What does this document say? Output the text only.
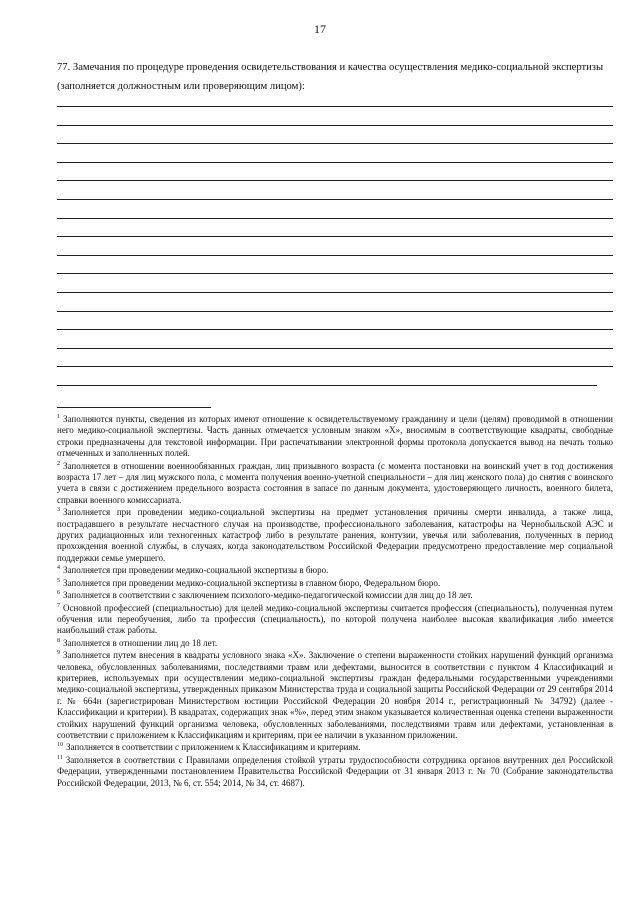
17
77. Замечания по процедуре проведения освидетельствования и качества осуществления медико-социальной экспертизы
(заполняется должностным или проверяющим лицом):
$^1$ Заполняются пункты, сведения из которых имеют отношение к освидетельствуемому гражданину и цели (целям) проводимой в отношении него медико-социальной экспертизы. Часть данных отмечается условным знаком «X», вносимым в соответствующие квадраты, свободные строки предназначены для текстовой информации. При распечатывании электронной формы протокола допускается вывод на печать только отмеченных и заполненных полей.
$^2$ Заполняется в отношении военнообязанных граждан, лиц призывного возраста (с момента постановки на воинский учет в год достижения возраста 17 лет – для лиц мужского пола, с момента получения военно-учетной специальности – для лиц женского пола) до снятия с воинского учета в связи с достижением предельного возраста состояния в запасе по данным документа, удостоверяющего личность, военного билета, справки военного комиссариата.
$^3$ Заполняется при проведении медико-социальной экспертизы на предмет установления причины смерти инвалида, а также лица, пострадавшего в результате несчастного случая на производстве, профессионального заболевания, катастрофы на Чернобыльской АЭС и других радиационных или техногенных катастроф либо в результате ранения, контузии, увечья или заболевания, полученных в период прохождения военной службы, в случаях, когда законодательством Российской Федерации предусмотрено предоставление мер социальной поддержки семье умершего.
$^4$ Заполняется при проведении медико-социальной экспертизы в бюро.
$^5$ Заполняется при проведении медико-социальной экспертизы в главном бюро, Федеральном бюро.
$^6$ Заполняется в соответствии с заключением психолого-медико-педагогической комиссии для лиц до 18 лет.
$^7$ Основной профессией (специальностью) для целей медико-социальной экспертизы считается профессия (специальность), полученная путем обучения или переобучения, либо та профессия (специальность), по которой получена наиболее высокая квалификация либо имеется наибольший стаж работы.
$^8$ Заполняется в отношении лиц до 18 лет.
$^9$ Заполняется путем внесения в квадраты условного знака «X». Заключение о степени выраженности стойких нарушений функций организма человека, обусловленных заболеваниями, последствиями травм или дефектами, выносится в соответствии с пунктом 4 Классификаций и критериев, используемых при осуществлении медико-социальной экспертизы граждан федеральными государственными учреждениями медико-социальной экспертизы, утвержденных приказом Министерства труда и социальной защиты Российской Федерации от 29 сентября 2014 г. № 664н (зарегистрирован Министерством юстиции Российской Федерации 20 ноября 2014 г., регистрационный № 34792) (далее - Классификации и критерии). В квадратах, содержащих знак «%», перед этим знаком указывается количественная оценка степени выраженности стойких нарушений функций организма человека, обусловленных заболеваниями, последствиями травм или дефектами, установленная в соответствии с приложением к Классификациям и критериям, при ее наличии в указанном приложении.
$^{10}$ Заполняется в соответствии с приложением к Классификациям и критериям.
$^{11}$ Заполняется в соответствии с Правилами определения стойкой утраты трудоспособности сотрудника органов внутренних дел Российской Федерации, утвержденными постановлением Правительства Российской Федерации от 31 января 2013 г. № 70 (Собрание законодательства Российской Федерации, 2013, № 6, ст. 554; 2014, № 34, ст. 4687).
